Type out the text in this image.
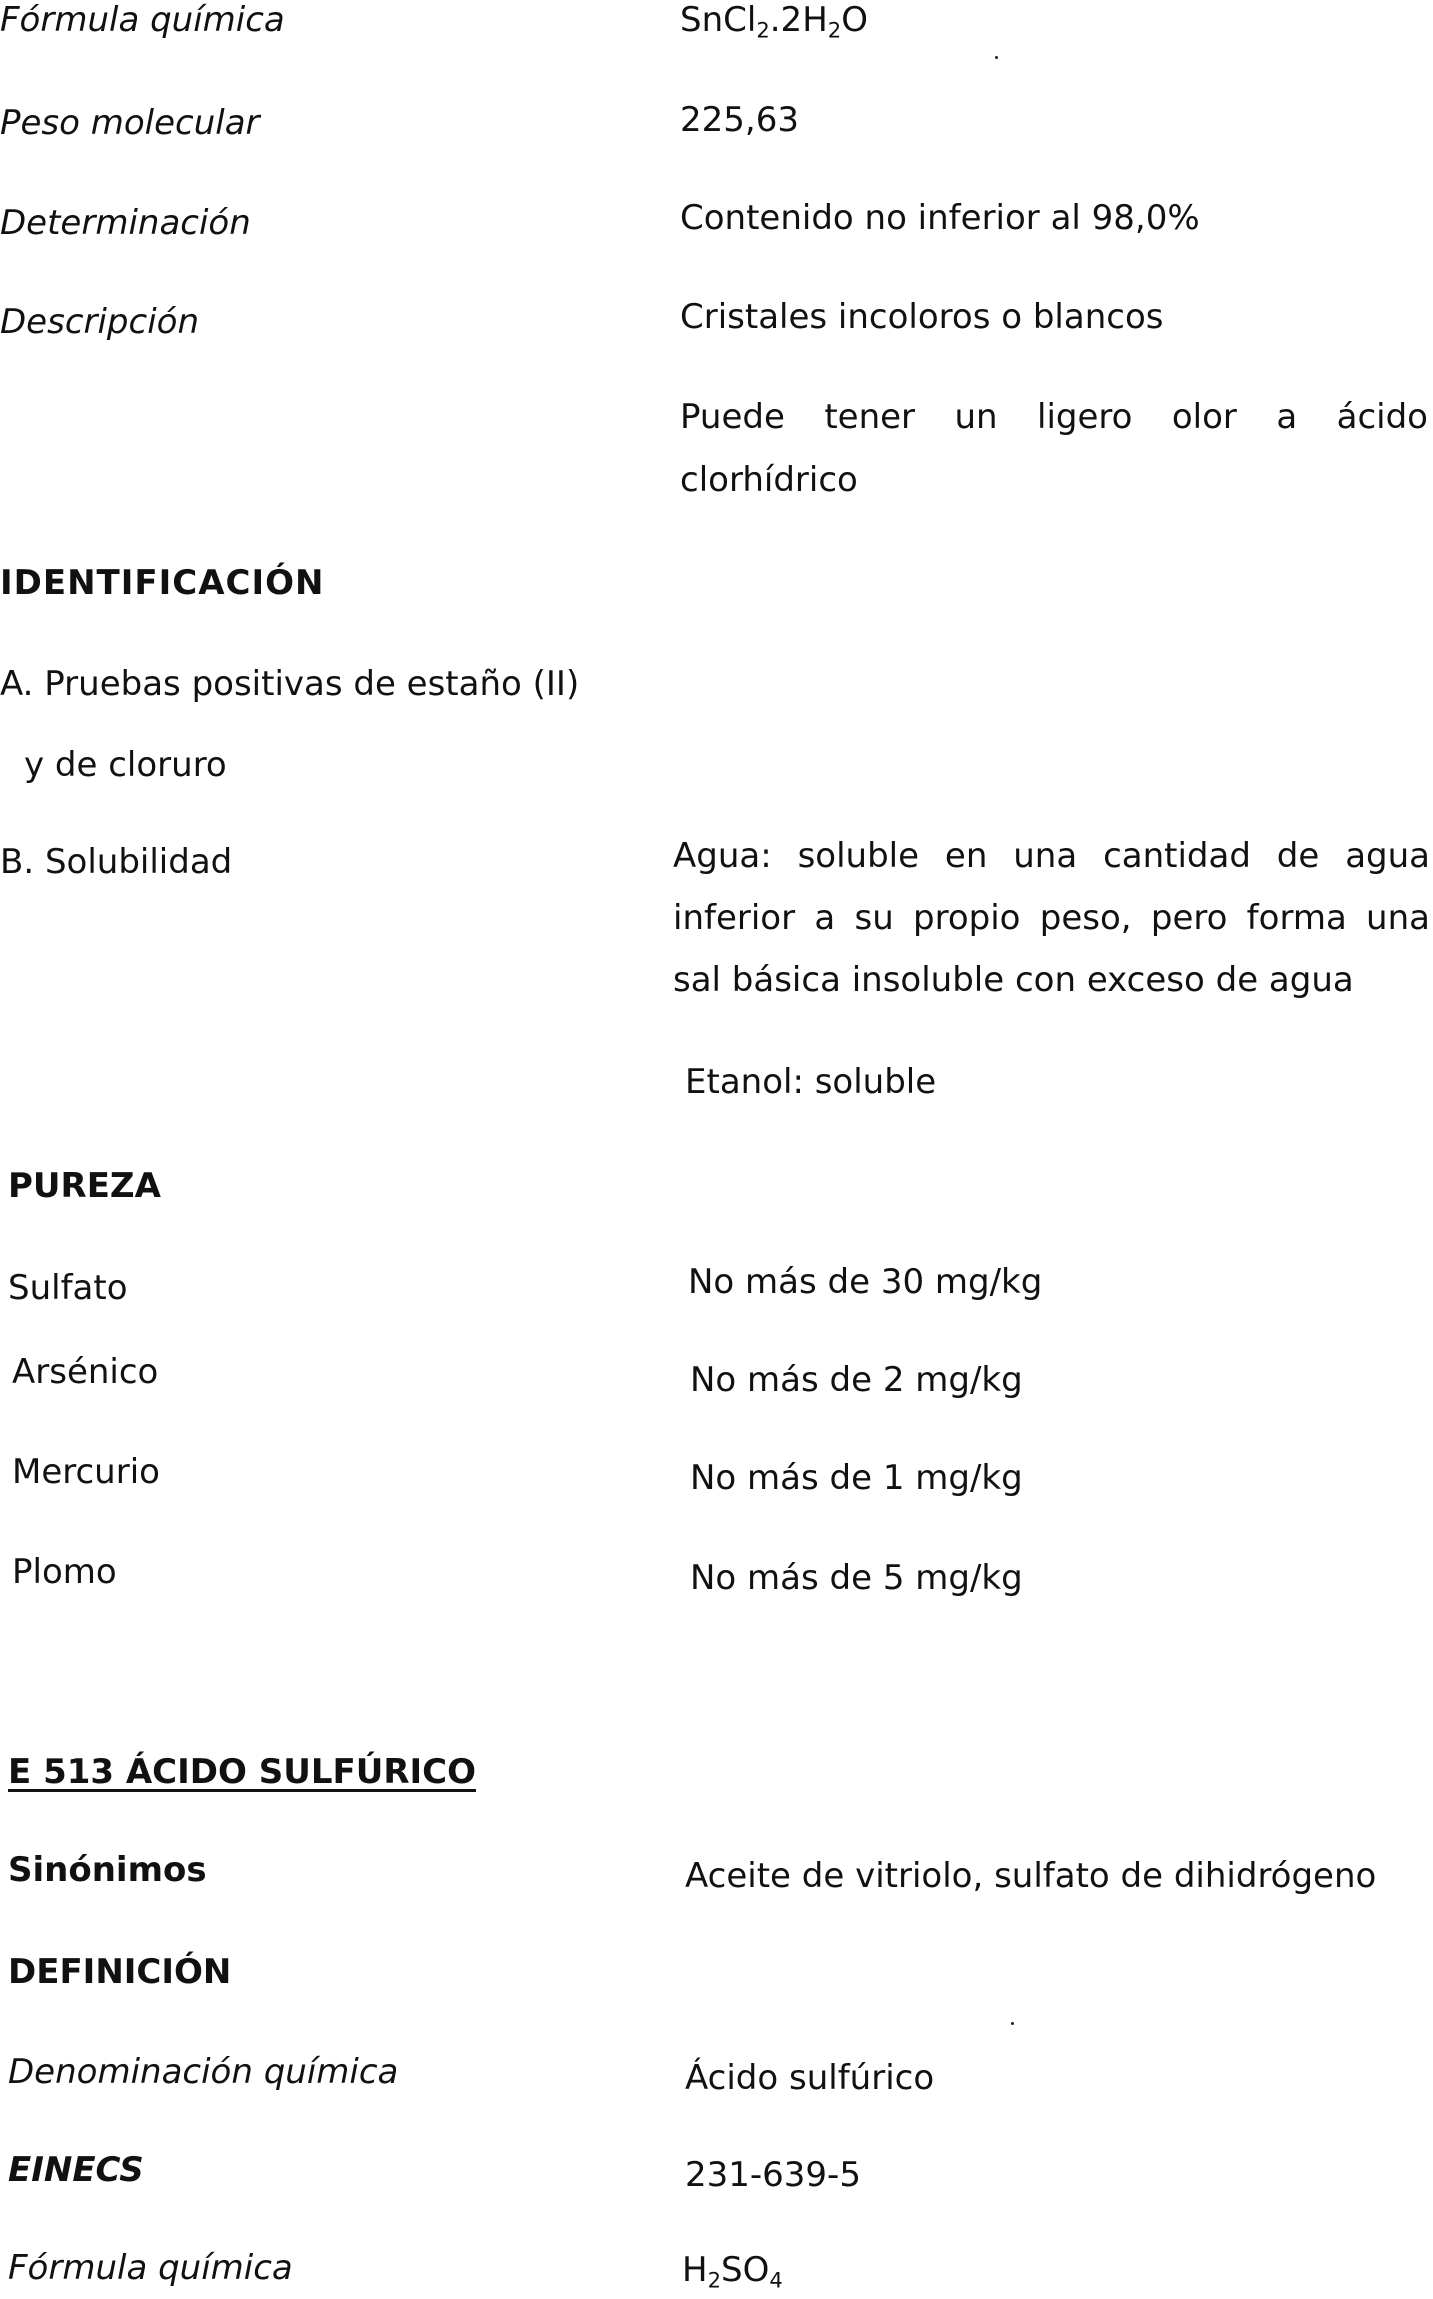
Fórmula química	$SnCl_2.2H_2O$
Peso molecular	225,63
Determinación	Contenido no inferior al 98,0%
Descripción	Cristales incoloros o blancos
Puede tener un ligero olor a ácido
clorhídrico
IDENTIFICACIÓN
A. Pruebas positivas de estaño (II)
y de cloruro
B. Solubilidad	Agua: soluble en una cantidad de agua
inferior a su propio peso, pero forma una
sal básica insoluble con exceso de agua
Etanol: soluble
PUREZA
Sulfato	No más de 30 mg/kg
Arsénico	No más de 2 mg/kg
Mercurio	No más de 1 mg/kg
Plomo	No más de 5 mg/kg
E 513 ÁCIDO SULFÚRICO
Sinónimos	Aceite de vitriolo, sulfato de dihidrógeno
DEFINICIÓN
Denominación química	Ácido sulfúrico
EINECS	231-639-5
Fórmula química	$H_2SO_4$
